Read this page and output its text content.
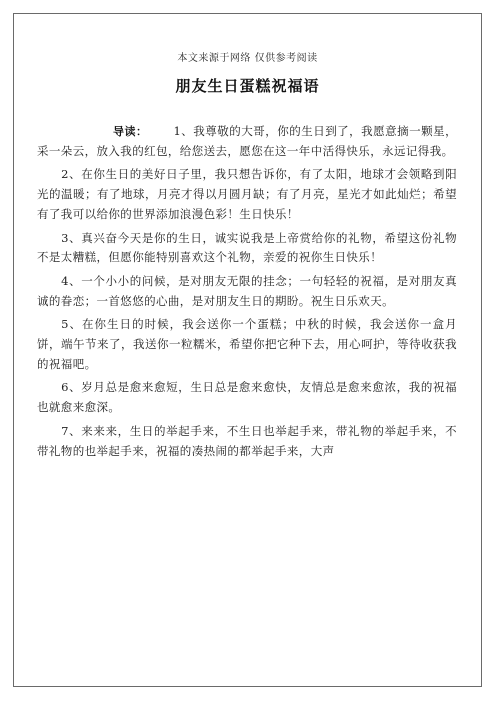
本文来源于网络 仅供参考阅读
朋友生日蛋糕祝福语

导读： 1、我尊敬的大哥，你的生日到了，我愿意摘一颗星，采一朵云，放入我的红包，给您送去，愿您在这一年中活得快乐，永远记得我。

2、在你生日的美好日子里，我只想告诉你，有了太阳，地球才会领略到阳光的温暖；有了地球，月亮才得以月圆月缺；有了月亮，星光才如此灿烂；希望有了我可以给你的世界添加浪漫色彩！生日快乐！

3、真兴奋今天是你的生日，诚实说我是上帝赏给你的礼物，希望这份礼物不是太糟糕，但愿你能特别喜欢这个礼物，亲爱的祝你生日快乐！

4、一个小小的问候，是对朋友无限的挂念；一句轻轻的祝福，是对朋友真诚的眷恋；一首悠悠的心曲，是对朋友生日的期盼。祝生日乐欢天。

5、在你生日的时候，我会送你一个蛋糕；中秋的时候，我会送你一盒月饼，端午节来了，我送你一粒糯米，希望你把它种下去，用心呵护，等待收获我的祝福吧。

6、岁月总是愈来愈短，生日总是愈来愈快，友情总是愈来愈浓，我的祝福也就愈来愈深。

7、来来来，生日的举起手来，不生日也举起手来，带礼物的举起手来，不带礼物的也举起手来，祝福的凑热闹的都举起手来，大声
